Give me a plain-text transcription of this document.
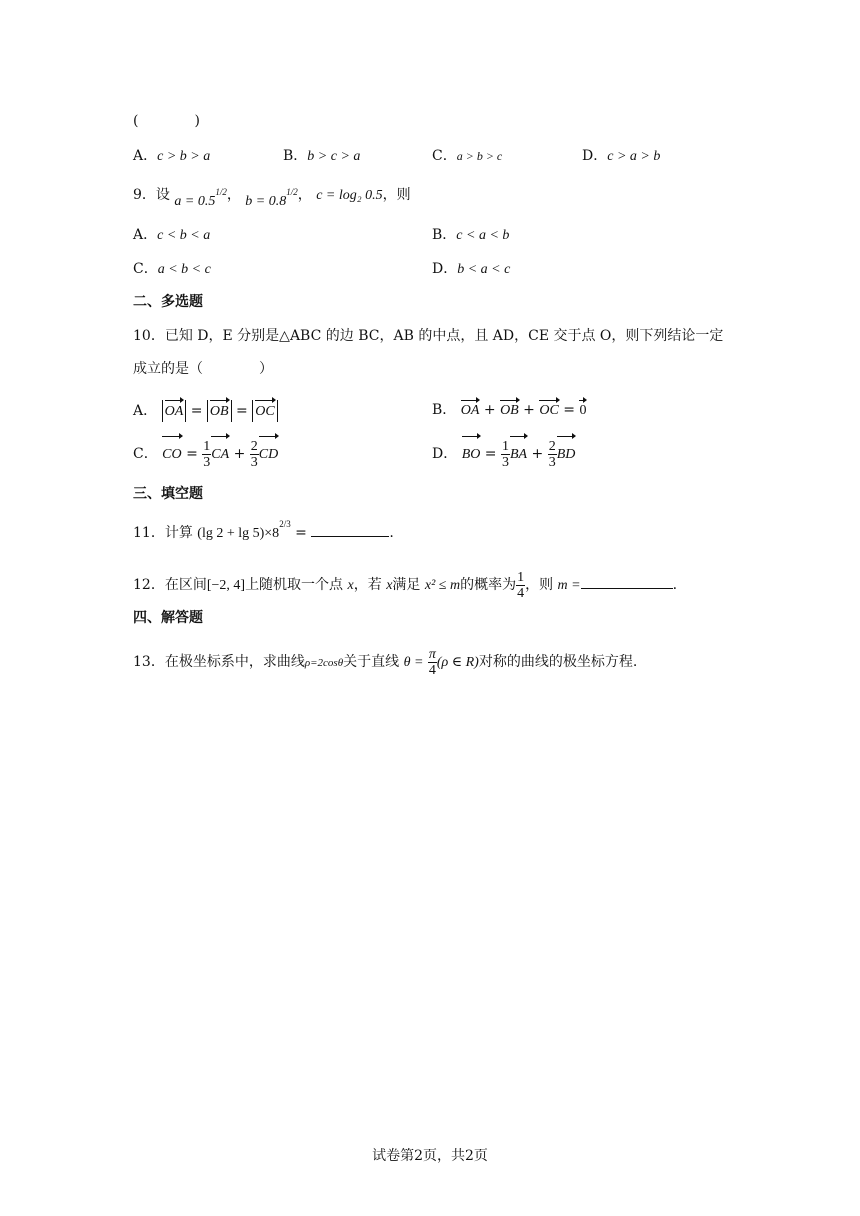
(　　　　)
A．c > b > a	B．b > c > a	C．a > b > c	D．c > a > b
9．设 $a = 0.5^{1/2}$， $b = 0.8^{1/2}$， c = log₂ 0.5，则
A．c < b < a	B．c < a < b
C．a < b < c	D．b < a < c
二、多选题
10．已知 D，E 分别是△ABC 的边 BC，AB 的中点，且 AD，CE 交于点 O，则下列结论一定
成立的是（　　　　）
A． OA = OB = OC	B． OA + OB + OC = 0
C． CO = $\frac{1}{3}$ CA + $\frac{2}{3}$ CD	D． BO = $\frac{1}{3}$ BA + $\frac{2}{3}$ BD
三、填空题
11．计算 (lg $2 + \lg 5)\times 8^{2/3}$ =	.
12．在区间[−2, 4]上随机取一个点 x，若 x满足 x² ≤ m的概率为 $\frac{1}{4}$ ，则 m =	.
四、解答题
13．在极坐标系中，求曲线ρ=2cosθ关于直线 $\theta = \frac{\pi}{4} (\rho$ ∈ R)对称的曲线的极坐标方程.
试卷第2页，共2页
